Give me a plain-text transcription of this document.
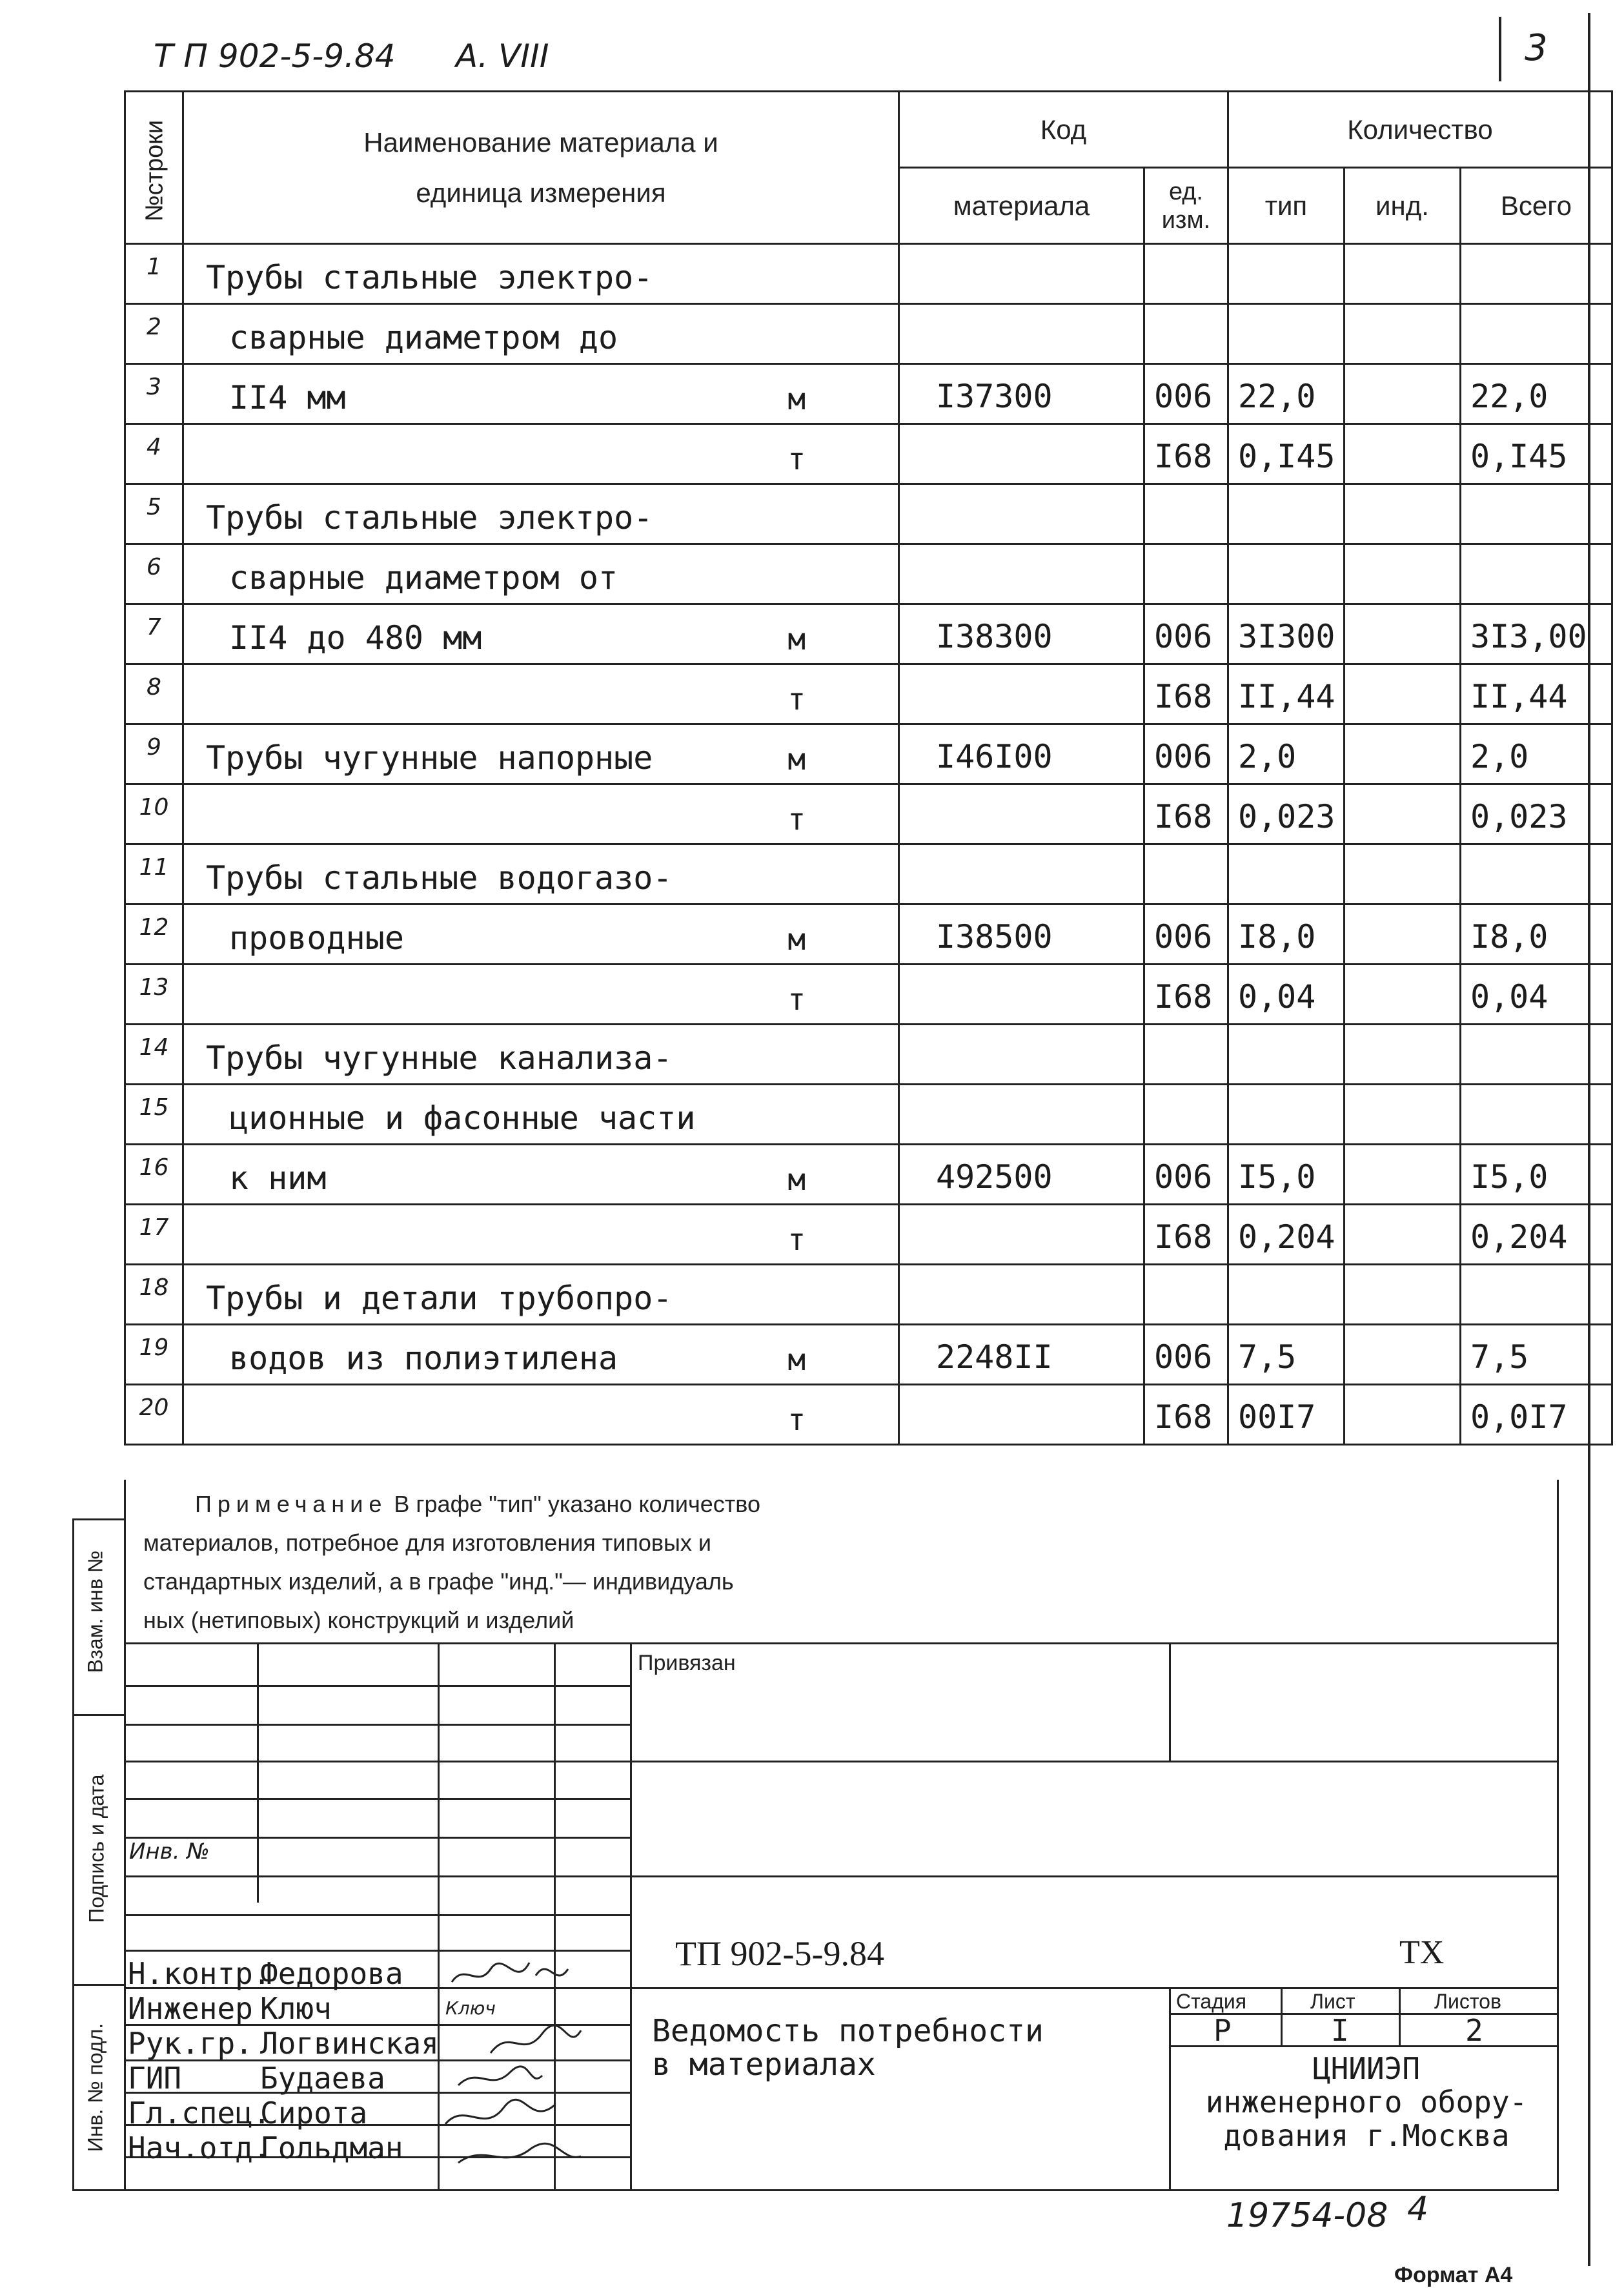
Т П 902-5-9.84 А. VIII	3
№строки	Наименование материала и единица измерения		Код		Количество		
			материала	ед. изм.	тип	инд.	Всего
1	Трубы стальные электро-						
2	сварные диаметром до						
3	II4 мм	м	I37300	006	22,0		22,0
4		т		I68	0,I45		0,I45
5	Трубы стальные электро-						
6	сварные диаметром от						
7	II4 до 480 мм	м	I38300	006	3I300		3I3,00
8		т		I68	II,44		II,44
9	Трубы чугунные напорные	м	I46I00	006	2,0		2,0
10		т		I68	0,023		0,023
11	Трубы стальные водогазо-						
12	проводные	м	I38500	006	I8,0		I8,0
13		т		I68	0,04		0,04
14	Трубы чугунные канализа-						
15	ционные и фасонные части						
16	к ним	м	492500	006	I5,0		I5,0
17		т		I68	0,204		0,204
18	Трубы и детали трубопро-						
19	водов из полиэтилена	м	2248II	006	7,5		7,5
20		т		I68	00I7		0,0I7
Примечание В графе "тип" указано количество
материалов, потребное для изготовления типовых и
стандартных изделий, а в графе "инд."— индивидуаль
ных (нетиповых) конструкций и изделий
Взам. инв №
Подпись и дата
Инв. № подл.
Привязан
Инв. №
ТП 902-5-9.84	ТХ
Н.контр.
Федорова
Инженер Ключ
Рук.гр. Логвинская
ГИП	Будаева
Гл.спец.
Сирота
Нач.отд.
Гольдман
Ключ
Ведомость потребности
в материалах
Стадия	Лист	Листов
Р	I	2
ЦНИИЭП
инженерного обору-
дования г.Москва
19754-08 4
Формат А4
